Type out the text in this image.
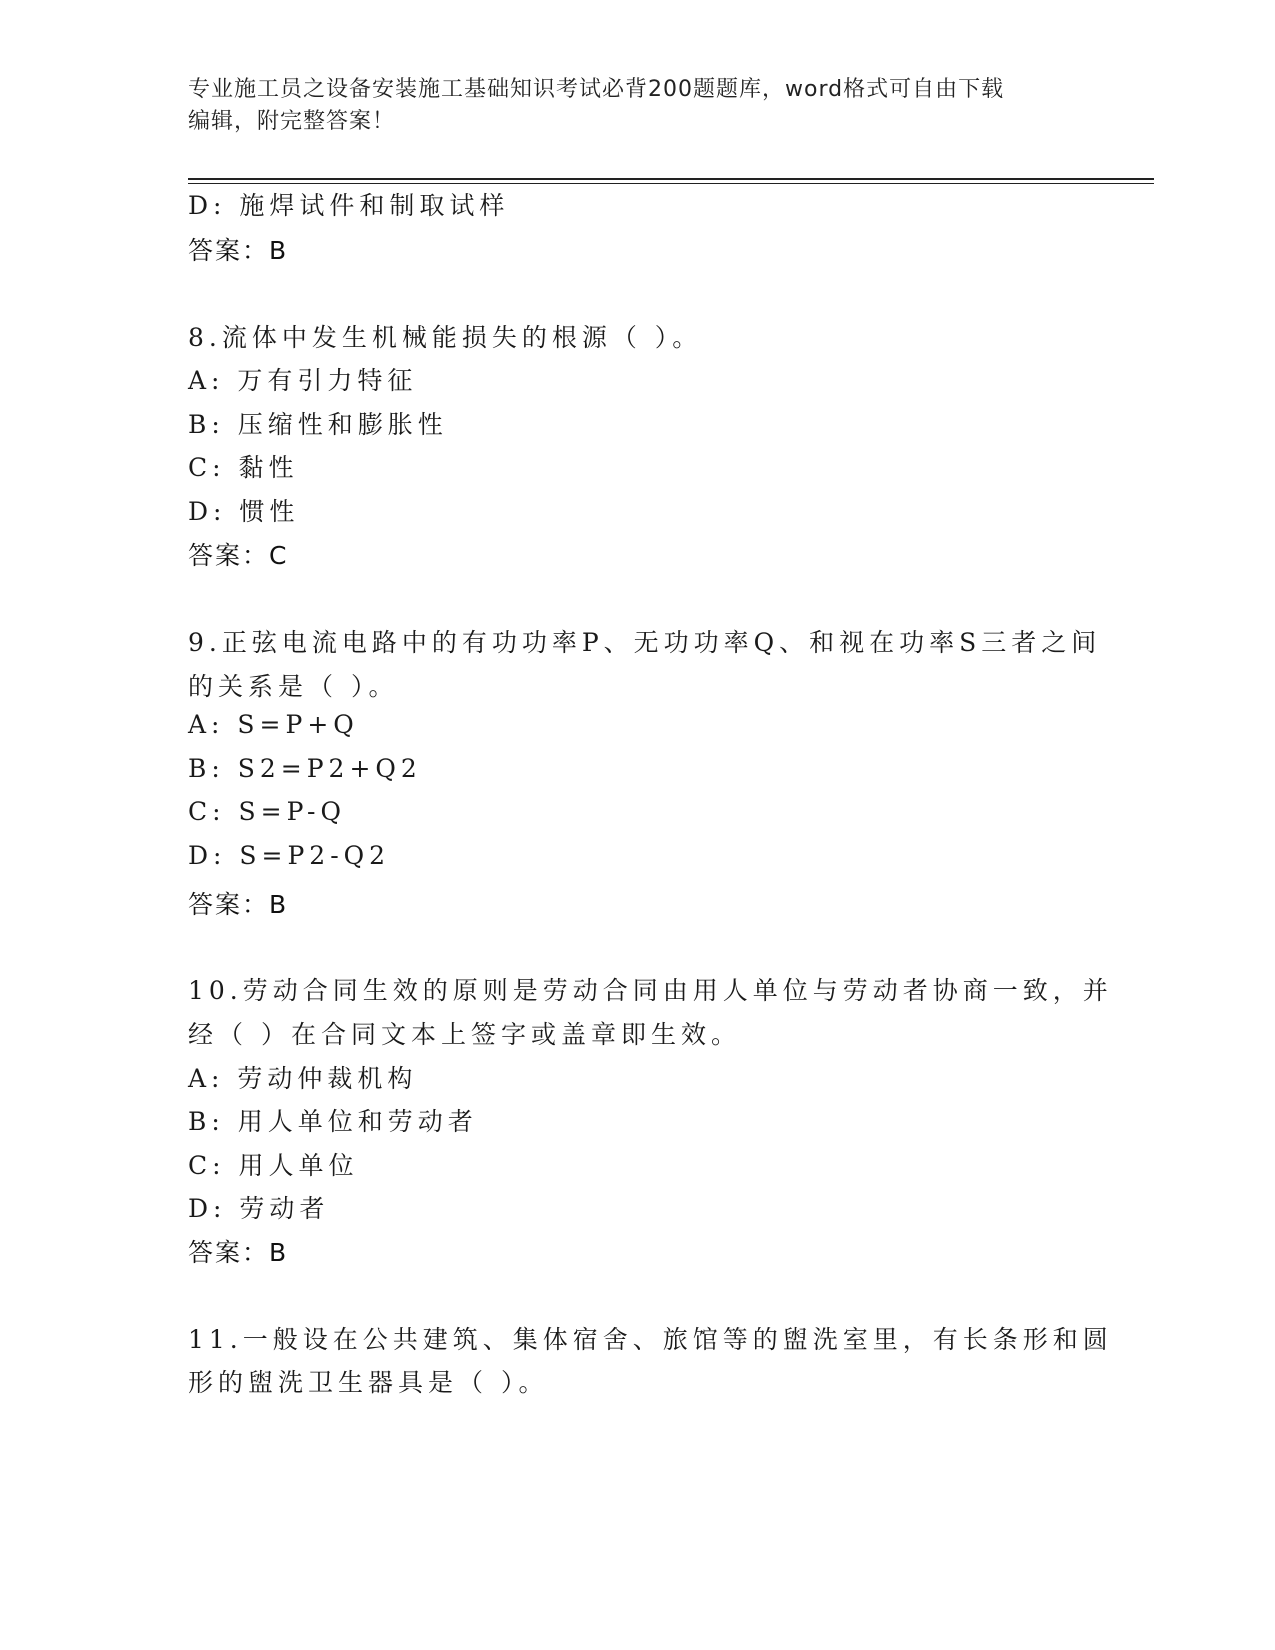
专业施工员之设备安装施工基础知识考试必背200题题库，word格式可自由下载
编辑，附完整答案！
D: 施焊试件和制取试样
答案：B
8.流体中发生机械能损失的根源（ ）。
A: 万有引力特征
B: 压缩性和膨胀性
C: 黏性
D: 惯性
答案：C
9.正弦电流电路中的有功功率P、无功功率Q、和视在功率S三者之间
的关系是（ ）。
A: S=P+Q
B: S2=P2+Q2
C: S=P-Q
D: S=P2-Q2
答案：B
10.劳动合同生效的原则是劳动合同由用人单位与劳动者协商一致，并
经（ ）在合同文本上签字或盖章即生效。
A: 劳动仲裁机构
B: 用人单位和劳动者
C: 用人单位
D: 劳动者
答案：B
11.一般设在公共建筑、集体宿舍、旅馆等的盥洗室里，有长条形和圆
形的盥洗卫生器具是（ ）。
